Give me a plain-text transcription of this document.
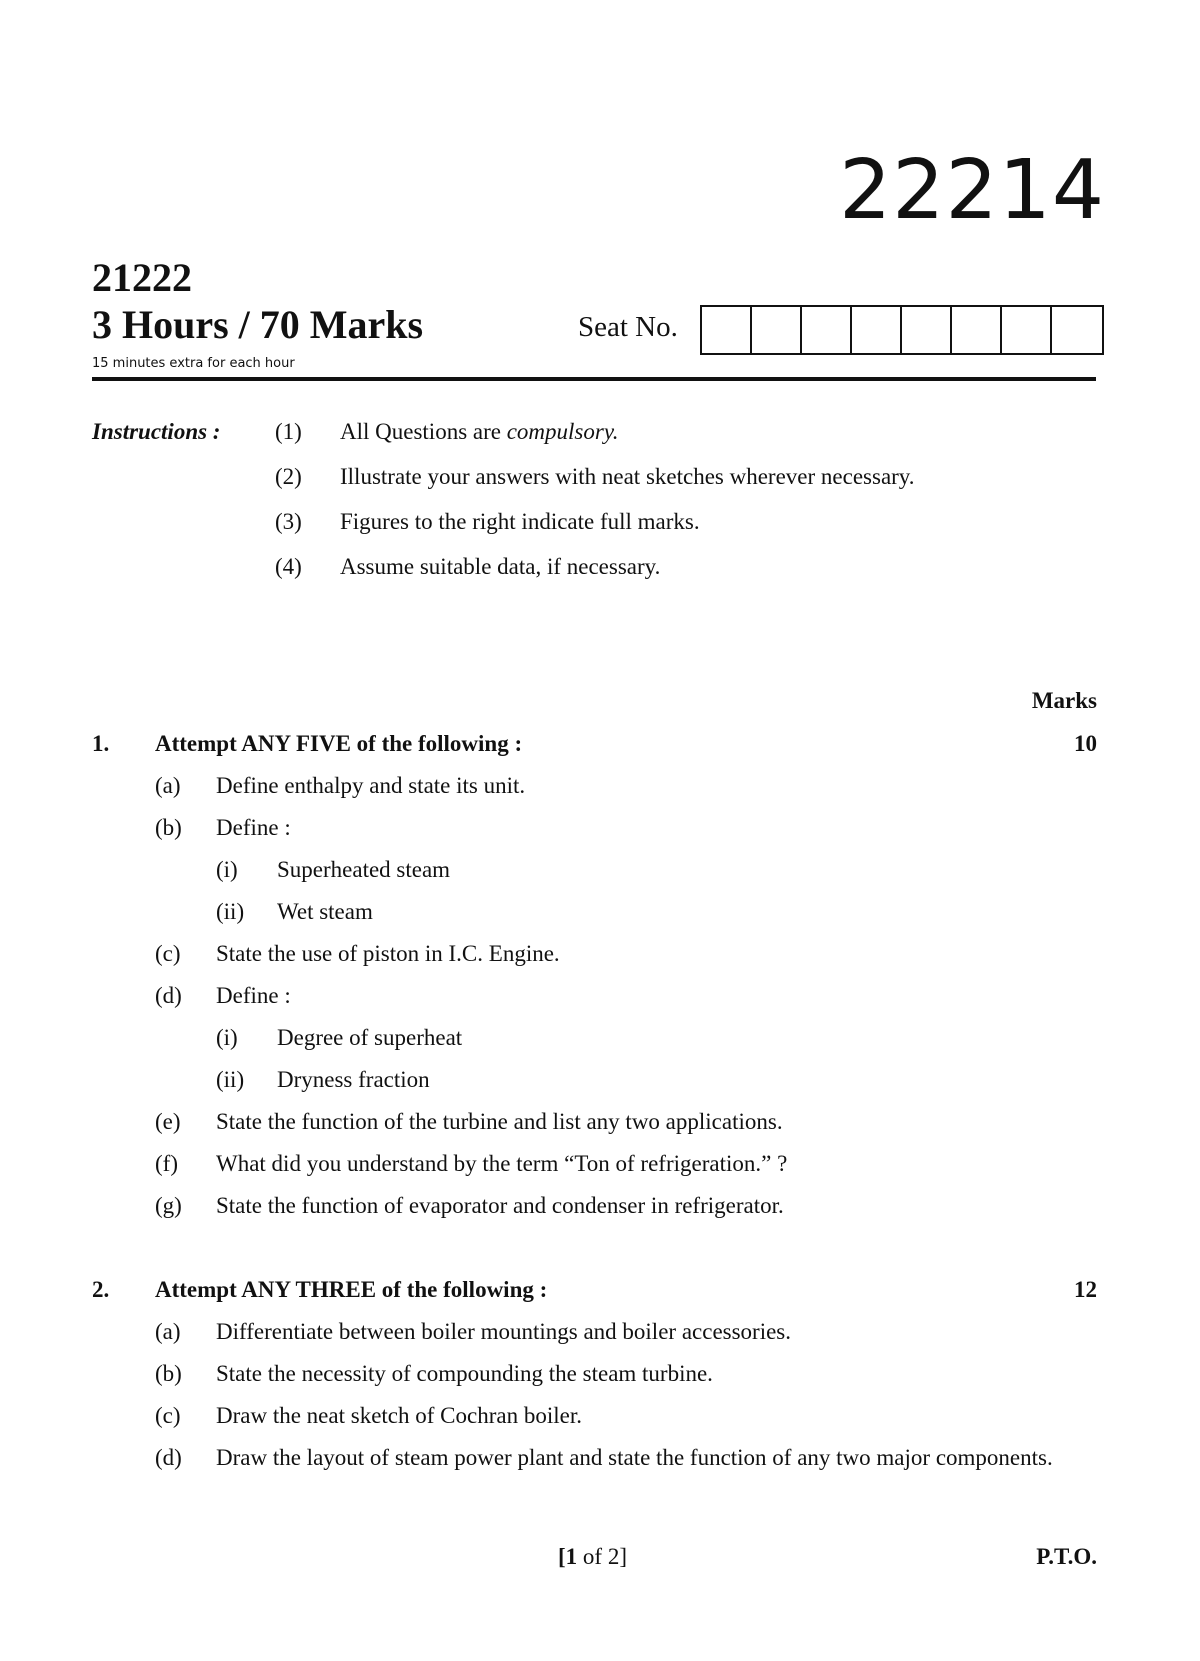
22214
21222
3 Hours / 70 Marks
15 minutes extra for each hour
Seat No.
Instructions : (1) All Questions are compulsory.
(2) Illustrate your answers with neat sketches wherever necessary.
(3) Figures to the right indicate full marks.
(4) Assume suitable data, if necessary.
Marks
1. Attempt ANY FIVE of the following :	10
(a) Define enthalpy and state its unit.
(b) Define :
(i) Superheated steam
(ii) Wet steam
(c) State the use of piston in I.C. Engine.
(d) Define :
(i) Degree of superheat
(ii) Dryness fraction
(e) State the function of the turbine and list any two applications.
(f) What did you understand by the term “Ton of refrigeration.” ?
(g) State the function of evaporator and condenser in refrigerator.
2. Attempt ANY THREE of the following :	12
(a) Differentiate between boiler mountings and boiler accessories.
(b) State the necessity of compounding the steam turbine.
(c) Draw the neat sketch of Cochran boiler.
(d) Draw the layout of steam power plant and state the function of any two major components.
[1 of 2]	P.T.O.
